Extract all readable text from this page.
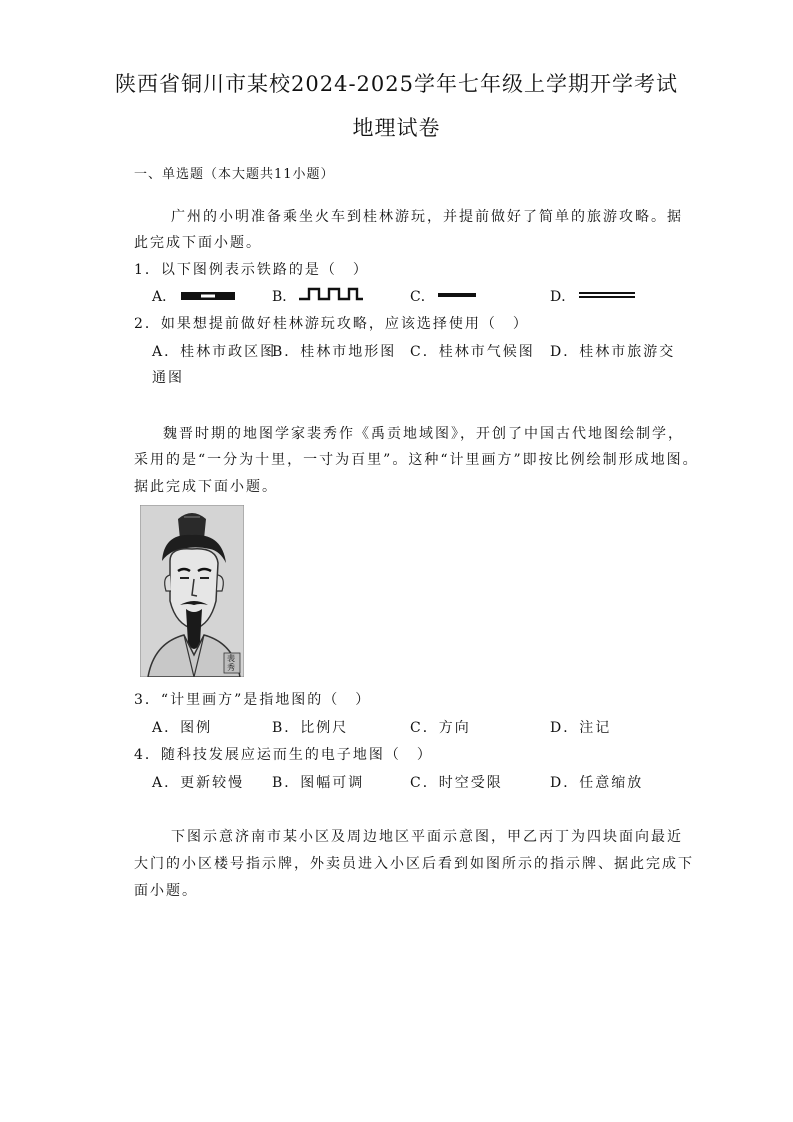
陕西省铜川市某校2024-2025学年七年级上学期开学考试
地理试卷
一、单选题（本大题共11小题）
广州的小明准备乘坐火车到桂林游玩，并提前做好了简单的旅游攻略。据
此完成下面小题。
1．以下图例表示铁路的是（　）
A．	B．	C．	D．
2．如果想提前做好桂林游玩攻略，应该选择使用（　）
A．桂林市政区图
B．桂林市地形图 C．桂林市气候图 D．桂林市旅游交
通图
魏晋时期的地图学家裴秀作《禹贡地域图》，开创了中国古代地图绘制学，
采用的是“一分为十里，一寸为百里”。这种“计里画方”即按比例绘制形成地图。
据此完成下面小题。
裴秀
3．“计里画方”是指地图的（　）
A．图例	B．比例尺	C．方向	D．注记
4．随科技发展应运而生的电子地图（　）
A．更新较慢 B．图幅可调	C．时空受限	D．任意缩放
下图示意济南市某小区及周边地区平面示意图，甲乙丙丁为四块面向最近
大门的小区楼号指示牌，外卖员进入小区后看到如图所示的指示牌、据此完成下
面小题。
